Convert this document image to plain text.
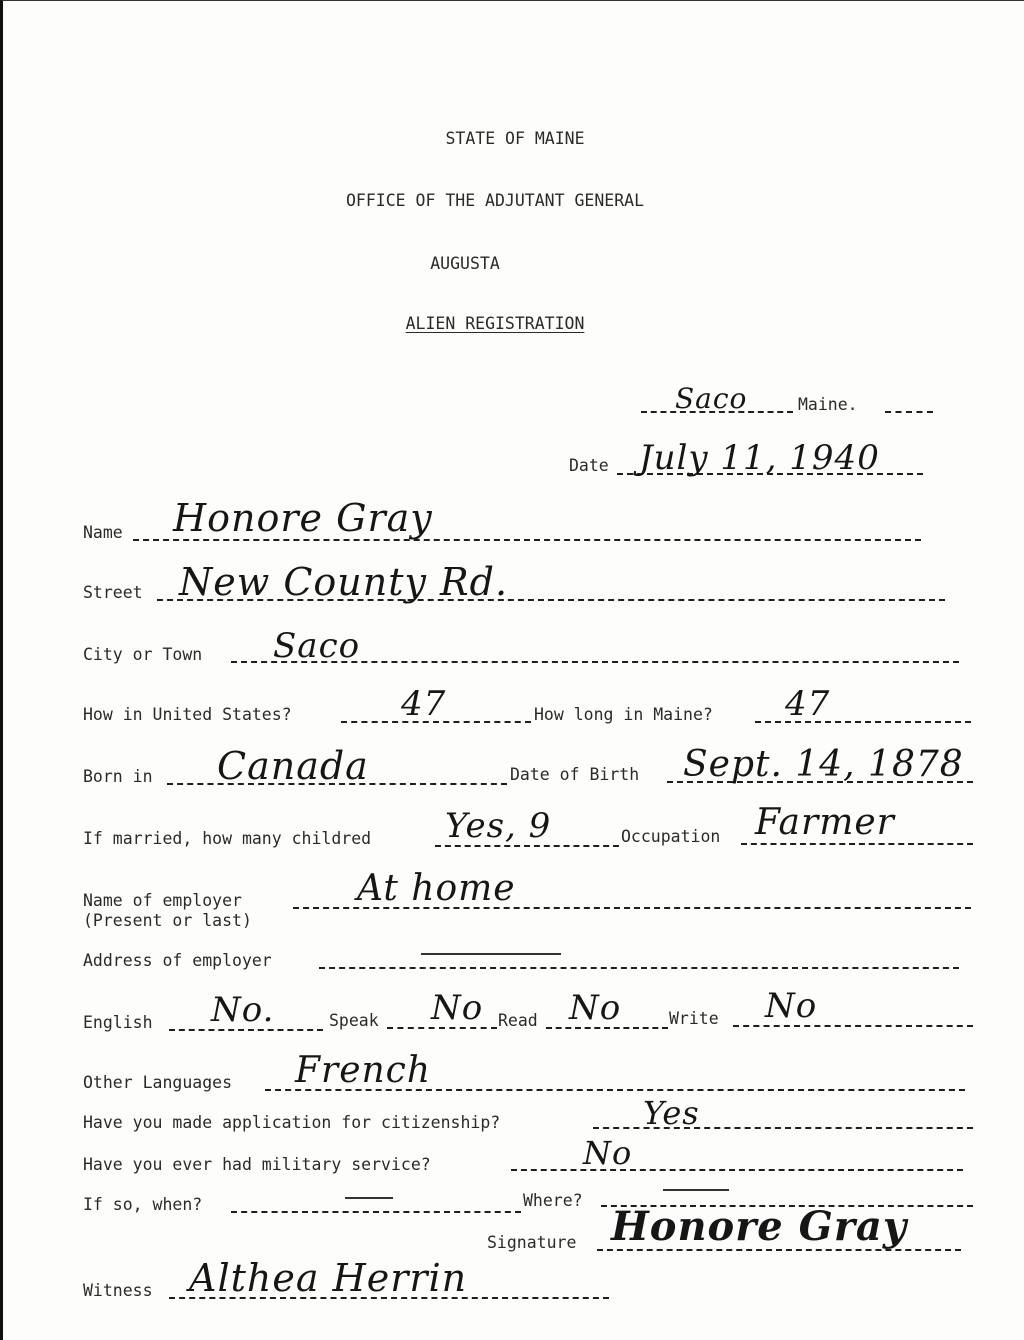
STATE OF MAINE
OFFICE OF THE ADJUTANT GENERAL
AUGUSTA
ALIEN REGISTRATION
Saco	Maine.
Date July 11, 1940
Name Honore Gray
Street New County Rd.
City or Town Saco
How in United States?	47	How long in Maine? 47
Born in Canada	Date of Birth Sept. 14, 1878
If married, how many childred Yes, 9	Occupation Farmer
Name of employer
(Present or last)
At home
Address of employer
English No.	Speak No Read No	Write No
Other Languages French
Have you made application for citizenship?	Yes
Have you ever had military service?	No
If so, when?	Where?
Signature Honore Gray
Witness Althea Herrin
